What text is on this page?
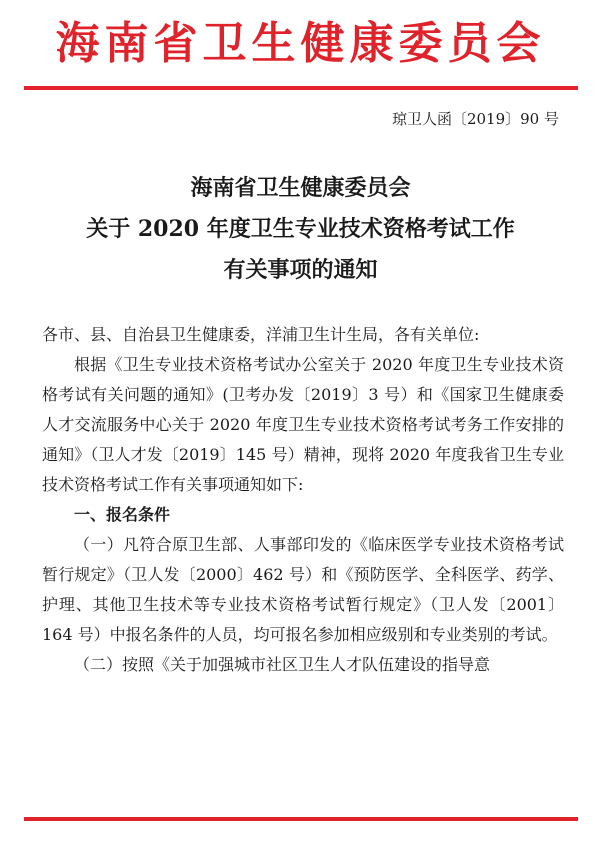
海南省卫生健康委员会
琼卫人函〔2019〕90 号
海南省卫生健康委员会
关于 2020 年度卫生专业技术资格考试工作
有关事项的通知

各市、县、自治县卫生健康委，洋浦卫生计生局，各有关单位:

根据《卫生专业技术资格考试办公室关于 2020 年度卫生专业技术资格考试有关问题的通知》(卫考办发〔2019〕3 号）和《国家卫生健康委人才交流服务中心关于 2020 年度卫生专业技术资格考试考务工作安排的通知》（卫人才发〔2019〕145 号）精神，现将 2020 年度我省卫生专业技术资格考试工作有关事项通知如下:

一、报名条件

（一）凡符合原卫生部、人事部印发的《临床医学专业技术资格考试暂行规定》（卫人发〔2000〕462 号）和《预防医学、全科医学、药学、护理、其他卫生技术等专业技术资格考试暂行规定》（卫人发〔2001〕164 号）中报名条件的人员，均可报名参加相应级别和专业类别的考试。

（二）按照《关于加强城市社区卫生人才队伍建设的指导意
